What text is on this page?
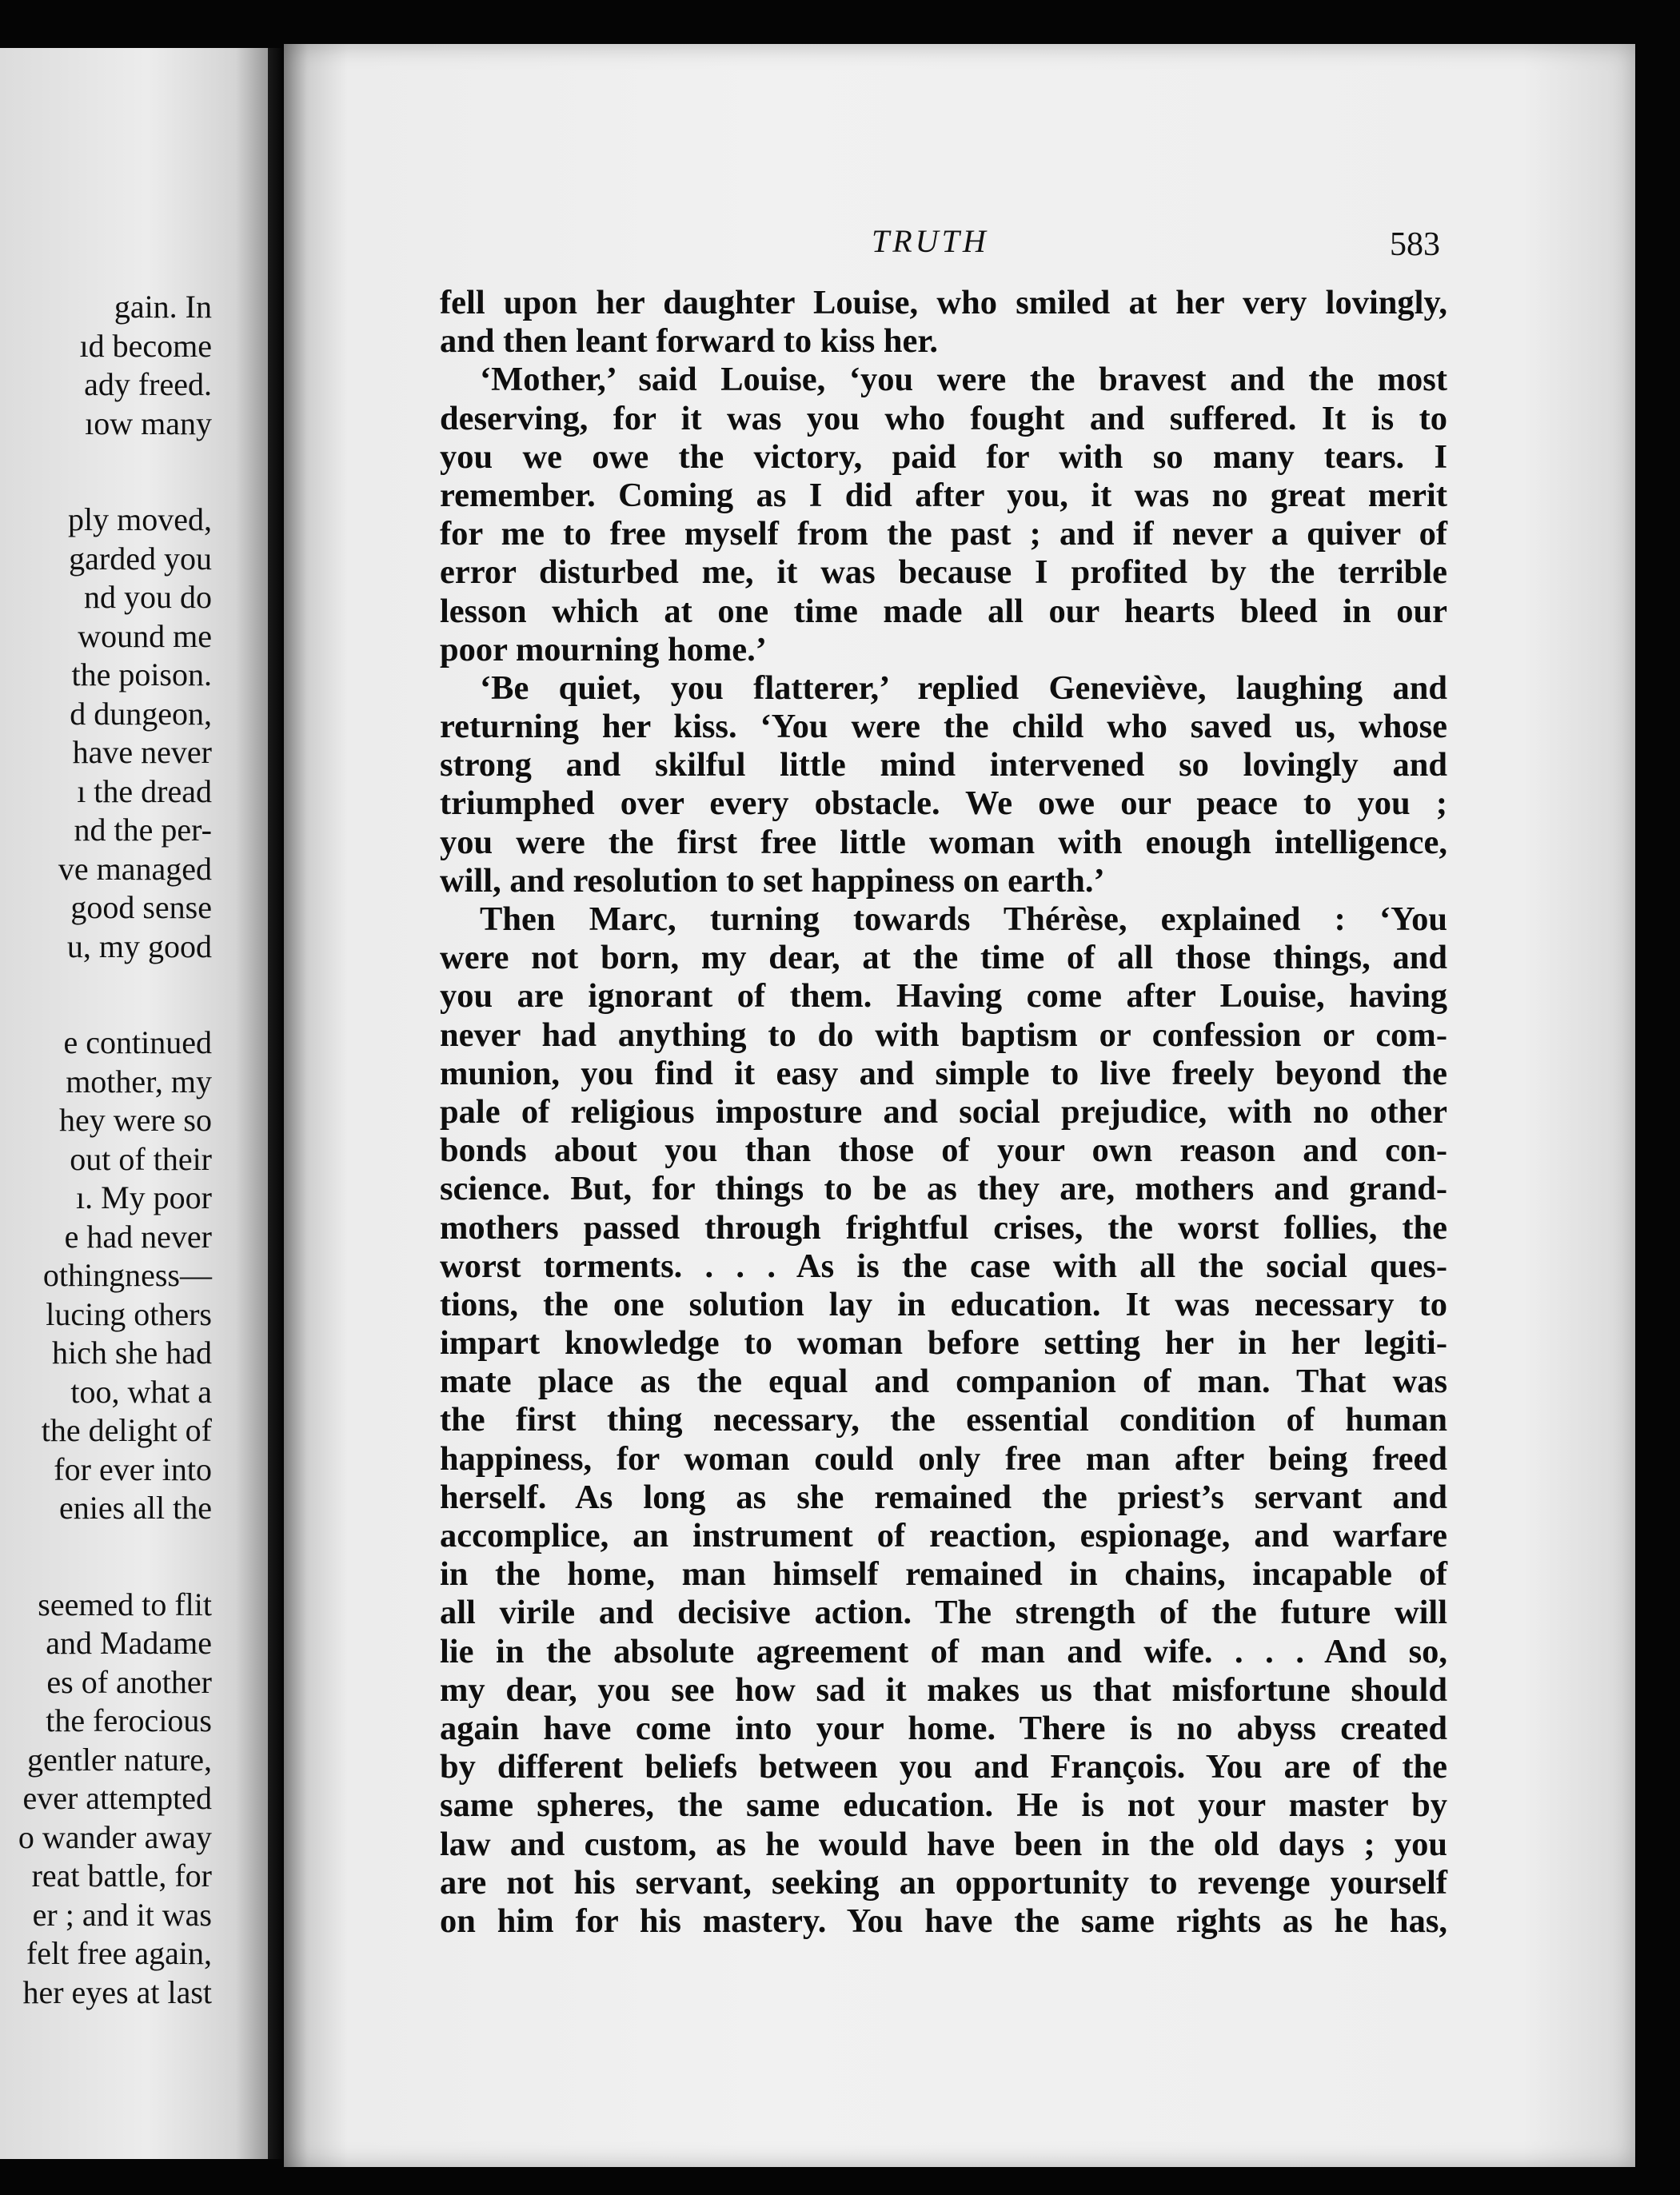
gain. In
ıd become
ady freed.
ıow many
ply moved,
garded you
nd you do
wound me
the poison.
d dungeon,
have never
ı the dread
nd the per-
ve managed
good sense
u, my good
e continued
mother, my
hey were so
out of their
ı. My poor
e had never
othingness—
lucing others
hich she had
too, what a
the delight of
for ever into
enies all the
seemed to flit
and Madame
es of another
the ferocious
gentler nature,
ever attempted
o wander away
reat battle, for
er ; and it was
felt free again,
her eyes at last
TRUTH	583
fell upon her daughter Louise, who smiled at her very lovingly,
and then leant forward to kiss her.
‘Mother,’ said Louise, ‘you were the bravest and the most
deserving, for it was you who fought and suffered. It is to
you we owe the victory, paid for with so many tears. I
remember. Coming as I did after you, it was no great merit
for me to free myself from the past ; and if never a quiver of
error disturbed me, it was because I profited by the terrible
lesson which at one time made all our hearts bleed in our
poor mourning home.’
‘Be quiet, you flatterer,’ replied Geneviève, laughing and
returning her kiss. ‘You were the child who saved us, whose
strong and skilful little mind intervened so lovingly and
triumphed over every obstacle. We owe our peace to you ;
you were the first free little woman with enough intelligence,
will, and resolution to set happiness on earth.’
Then Marc, turning towards Thérèse, explained : ‘You
were not born, my dear, at the time of all those things, and
you are ignorant of them. Having come after Louise, having
never had anything to do with baptism or confession or com-
munion, you find it easy and simple to live freely beyond the
pale of religious imposture and social prejudice, with no other
bonds about you than those of your own reason and con-
science. But, for things to be as they are, mothers and grand-
mothers passed through frightful crises, the worst follies, the
worst torments. . . . As is the case with all the social ques-
tions, the one solution lay in education. It was necessary to
impart knowledge to woman before setting her in her legiti-
mate place as the equal and companion of man. That was
the first thing necessary, the essential condition of human
happiness, for woman could only free man after being freed
herself. As long as she remained the priest’s servant and
accomplice, an instrument of reaction, espionage, and warfare
in the home, man himself remained in chains, incapable of
all virile and decisive action. The strength of the future will
lie in the absolute agreement of man and wife. . . . And so,
my dear, you see how sad it makes us that misfortune should
again have come into your home. There is no abyss created
by different beliefs between you and François. You are of the
same spheres, the same education. He is not your master by
law and custom, as he would have been in the old days ; you
are not his servant, seeking an opportunity to revenge yourself
on him for his mastery. You have the same rights as he has,
